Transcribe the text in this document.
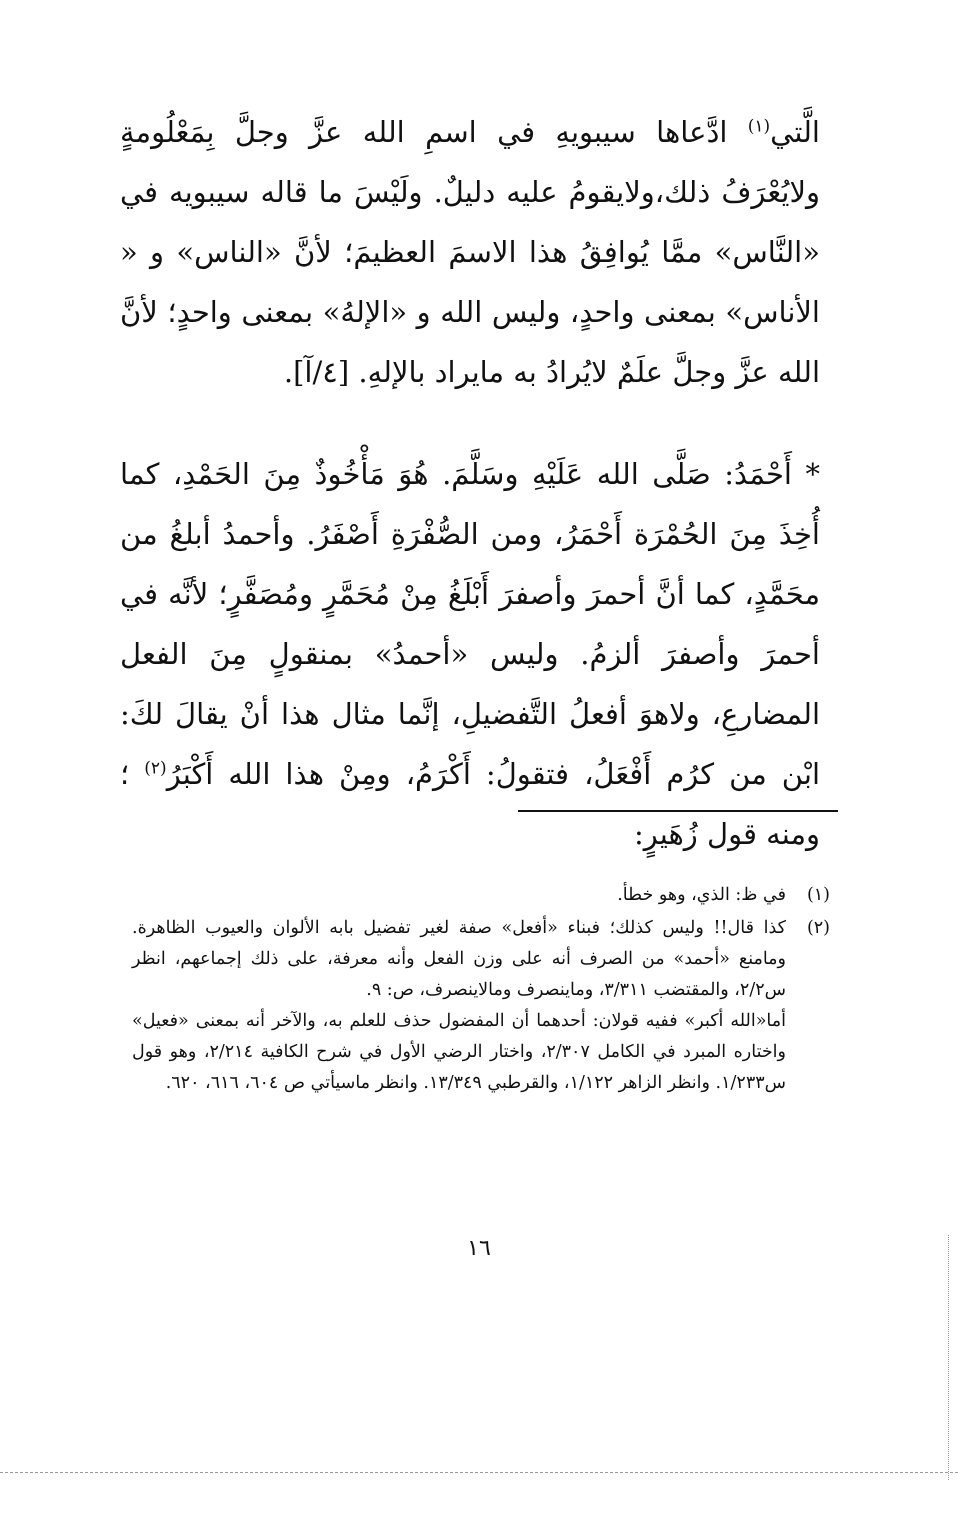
الَّتي$^{(١)}$ ادَّعاها سيبويهِ في اسمِ الله عزَّ وجلَّ بِمَعْلُومةٍ ولايُعْرَفُ ذلك،ولايقومُ عليه دليلٌ. ولَيْسَ ما قاله سيبويه في «النَّاس» ممَّا يُوافِقُ هذا الاسمَ العظيمَ؛ لأنَّ «الناس» و « الأناس» بمعنى واحدٍ، وليس الله و «الإلهُ» بمعنى واحدٍ؛ لأنَّ الله عزَّ وجلَّ علَمٌ لايُرادُ به مايراد بالإلهِ. [٤/آ].

* أَحْمَدُ: صَلَّى الله عَلَيْهِ وسَلَّمَ. هُوَ مَأْخُوذٌ مِنَ الحَمْدِ، كما أُخِذَ مِنَ الحُمْرَة أَحْمَرُ، ومن الصُّفْرَةِ أَصْفَرُ. وأحمدُ أبلغُ من محَمَّدٍ، كما أنَّ أحمرَ وأصفرَ أَبْلَغُ مِنْ مُحَمَّرٍ ومُصَفَّرٍ؛ لأنَّه في أحمرَ وأصفرَ ألزمُ. وليس «أحمدُ» بمنقولٍ مِنَ الفعل المضارعِ، ولاهوَ أفعلُ التَّفضيلِ، إنَّما مثال هذا أنْ يقالَ لكَ: ابْن من كرُم أَفْعَلُ، فتقولُ: أَكْرَمُ، ومِنْ هذا الله أَكْبَرُ$^{(٢)}$ ؛ ومنه قول زُهَيرٍ:

(١)

في ظ: الذي، وهو خطأ.

(٢)

كذا قال!! وليس كذلك؛ فبناء «أفعل» صفة لغير تفضيل بابه الألوان والعيوب الظاهرة. ومامنع «أحمد» من الصرف أنه على وزن الفعل وأنه معرفة، على ذلك إجماعهم، انظر س٢/٢، والمقتضب ٣/٣١١، وماينصرف ومالاينصرف، ص: ٩.

أما«الله أكبر» ففيه قولان: أحدهما أن المفضول حذف للعلم به، والآخر أنه بمعنى «فعيل» واختاره المبرد في الكامل ٢/٣٠٧، واختار الرضي الأول في شرح الكافية ٢/٢١٤، وهو قول س١/٢٣٣. وانظر الزاهر ١/١٢٢، والقرطبي ١٣/٣٤٩. وانظر ماسيأتي ص ٦٠٤، ٦١٦، ٦٢٠.

١٦
